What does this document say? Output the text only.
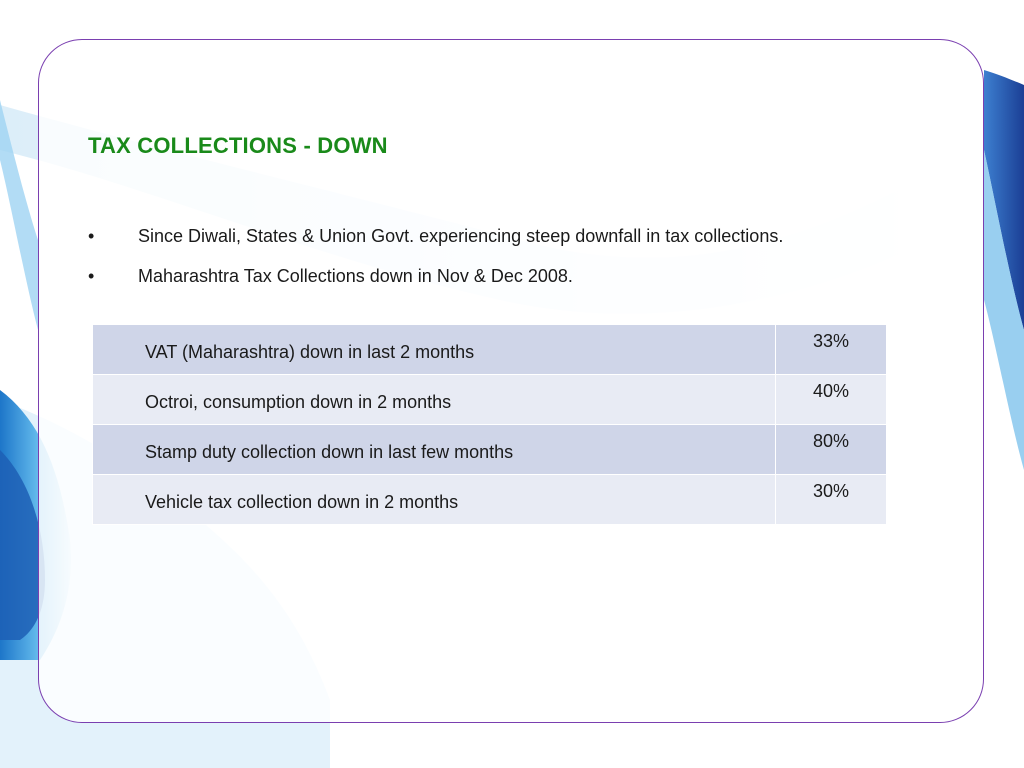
TAX COLLECTIONS - DOWN
• Since Diwali, States & Union Govt. experiencing steep downfall in tax collections.
• Maharashtra Tax Collections down in Nov & Dec 2008.
VAT (Maharashtra) down in last 2 months	33%
Octroi, consumption down in 2 months	40%
Stamp duty collection down in last few months	80%
Vehicle tax collection down in 2 months	30%
